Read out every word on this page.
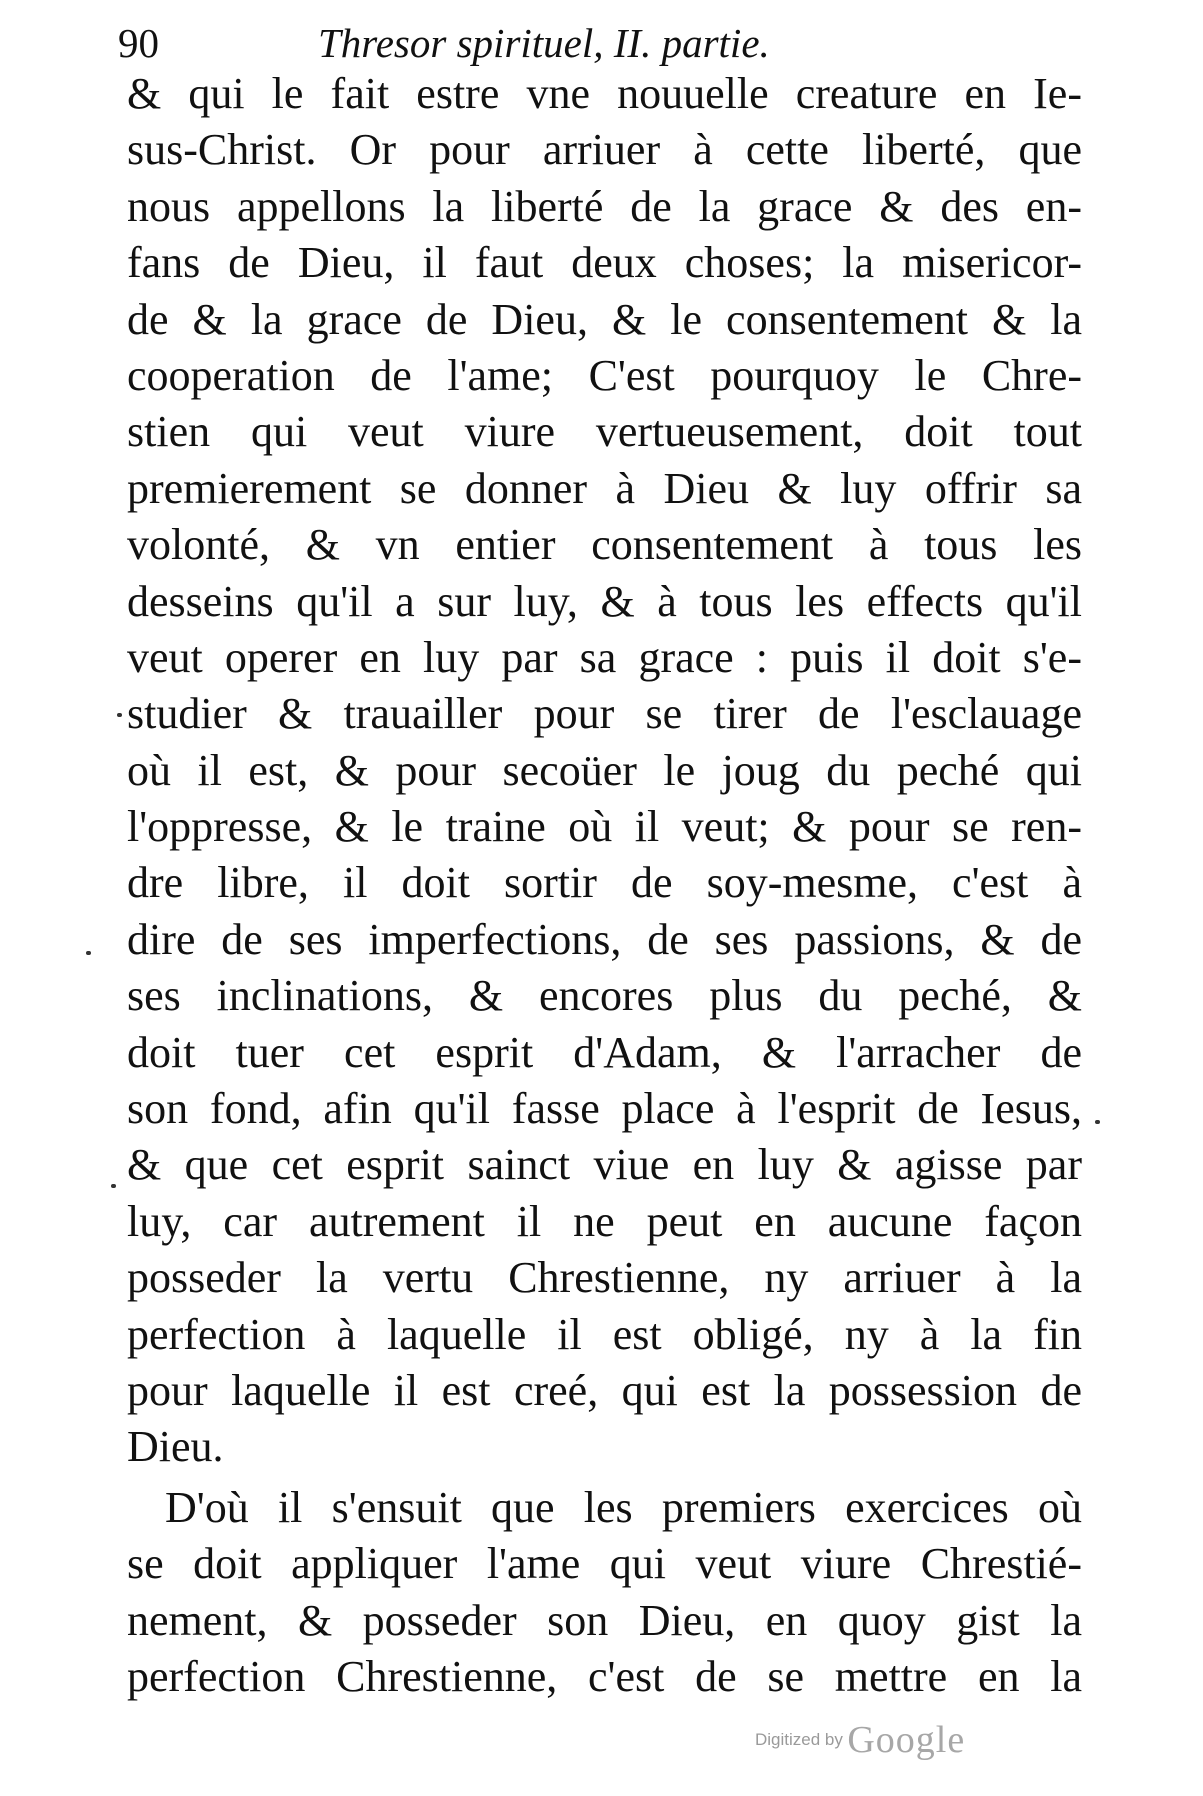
90	Thresor spirituel, II. partie.
& qui le fait estre vne nouuelle creature en Ie-
sus-Christ. Or pour arriuer à cette liberté, que
nous appellons la liberté de la grace & des en-
fans de Dieu, il faut deux choses; la misericor-
de & la grace de Dieu, & le consentement & la
cooperation de l'ame; C'est pourquoy le Chre-
stien qui veut viure vertueusement, doit tout
premierement se donner à Dieu & luy offrir sa
volonté, & vn entier consentement à tous les
desseins qu'il a sur luy, & à tous les effects qu'il
veut operer en luy par sa grace : puis il doit s'e-
studier & trauailler pour se tirer de l'esclauage
où il est, & pour secoüer le joug du peché qui
l'oppresse, & le traine où il veut; & pour se ren-
dre libre, il doit sortir de soy-mesme, c'est à
dire de ses imperfections, de ses passions, & de
ses inclinations, & encores plus du peché, &
doit tuer cet esprit d'Adam, & l'arracher de
son fond, afin qu'il fasse place à l'esprit de Iesus,
& que cet esprit sainct viue en luy & agisse par
luy, car autrement il ne peut en aucune façon
posseder la vertu Chrestienne, ny arriuer à la
perfection à laquelle il est obligé, ny à la fin
pour laquelle il est creé, qui est la possession de
Dieu.
D'où il s'ensuit que les premiers exercices où
se doit appliquer l'ame qui veut viure Chrestié-
nement, & posseder son Dieu, en quoy gist la
perfection Chrestienne, c'est de se mettre en la
Digitized by Google
